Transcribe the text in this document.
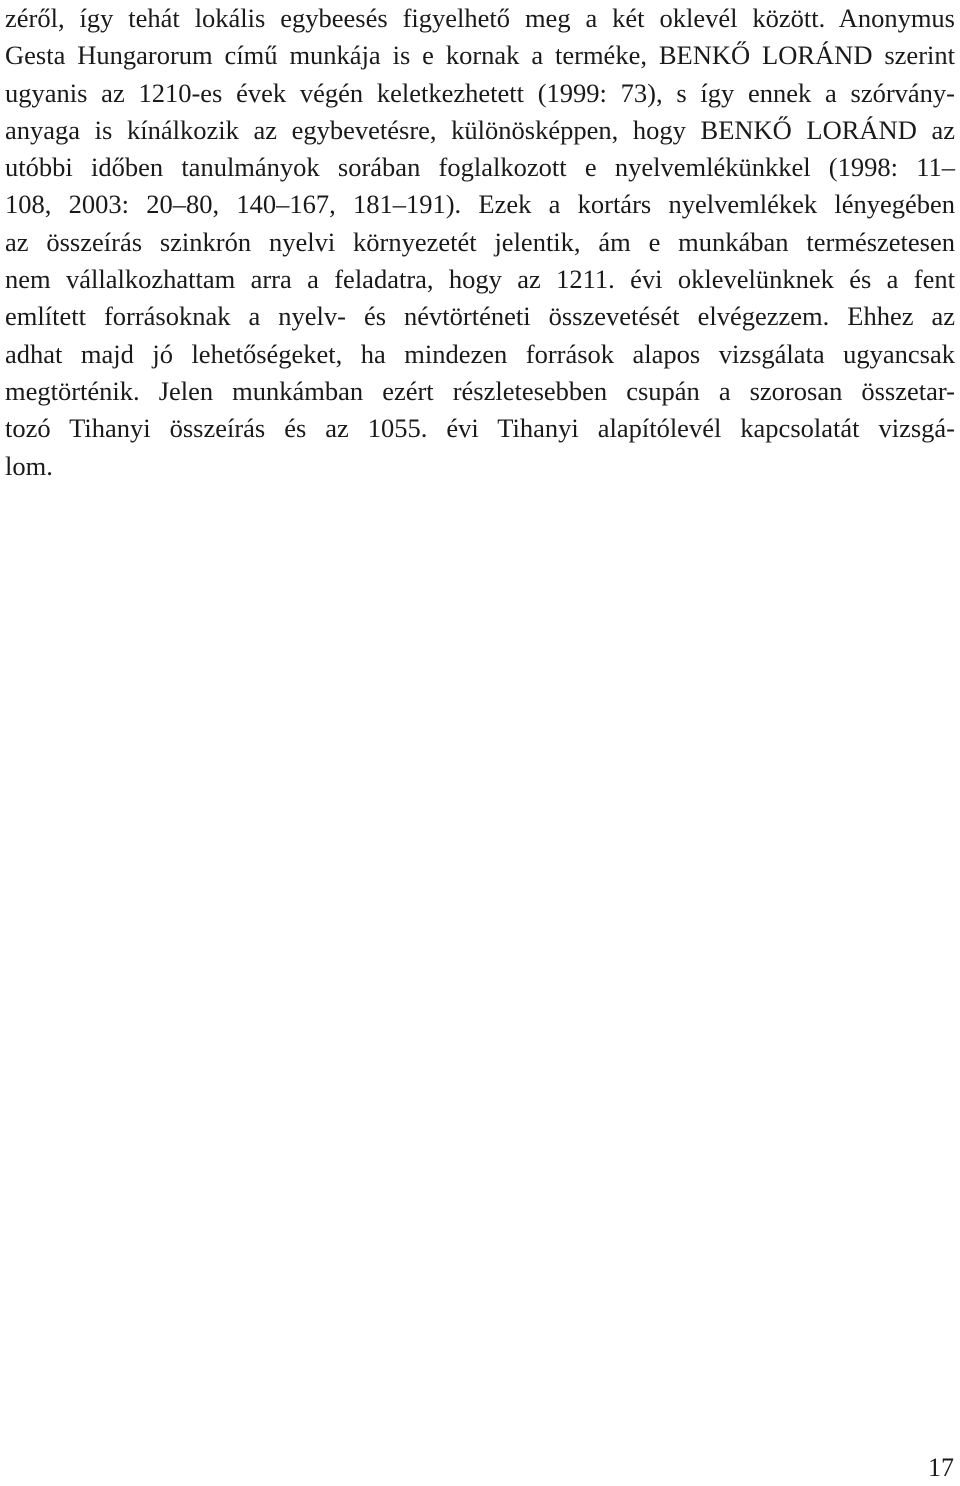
zéről, így tehát lokális egybeesés figyelhető meg a két oklevél között. Anonymus
Gesta Hungarorum című munkája is e kornak a terméke, BENKŐ LORÁND szerint
ugyanis az 1210-es évek végén keletkezhetett (1999: 73), s így ennek a szórvány-
anyaga is kínálkozik az egybevetésre, különösképpen, hogy BENKŐ LORÁND az
utóbbi időben tanulmányok sorában foglalkozott e nyelvemlékünkkel (1998: 11–
108, 2003: 20–80, 140–167, 181–191). Ezek a kortárs nyelvemlékek lényegében
az összeírás szinkrón nyelvi környezetét jelentik, ám e munkában természetesen
nem vállalkozhattam arra a feladatra, hogy az 1211. évi oklevelünknek és a fent
említett forrásoknak a nyelv- és névtörténeti összevetését elvégezzem. Ehhez az
adhat majd jó lehetőségeket, ha mindezen források alapos vizsgálata ugyancsak
megtörténik. Jelen munkámban ezért részletesebben csupán a szorosan összetar-
tozó Tihanyi összeírás és az 1055. évi Tihanyi alapítólevél kapcsolatát vizsgá-
lom.
17
